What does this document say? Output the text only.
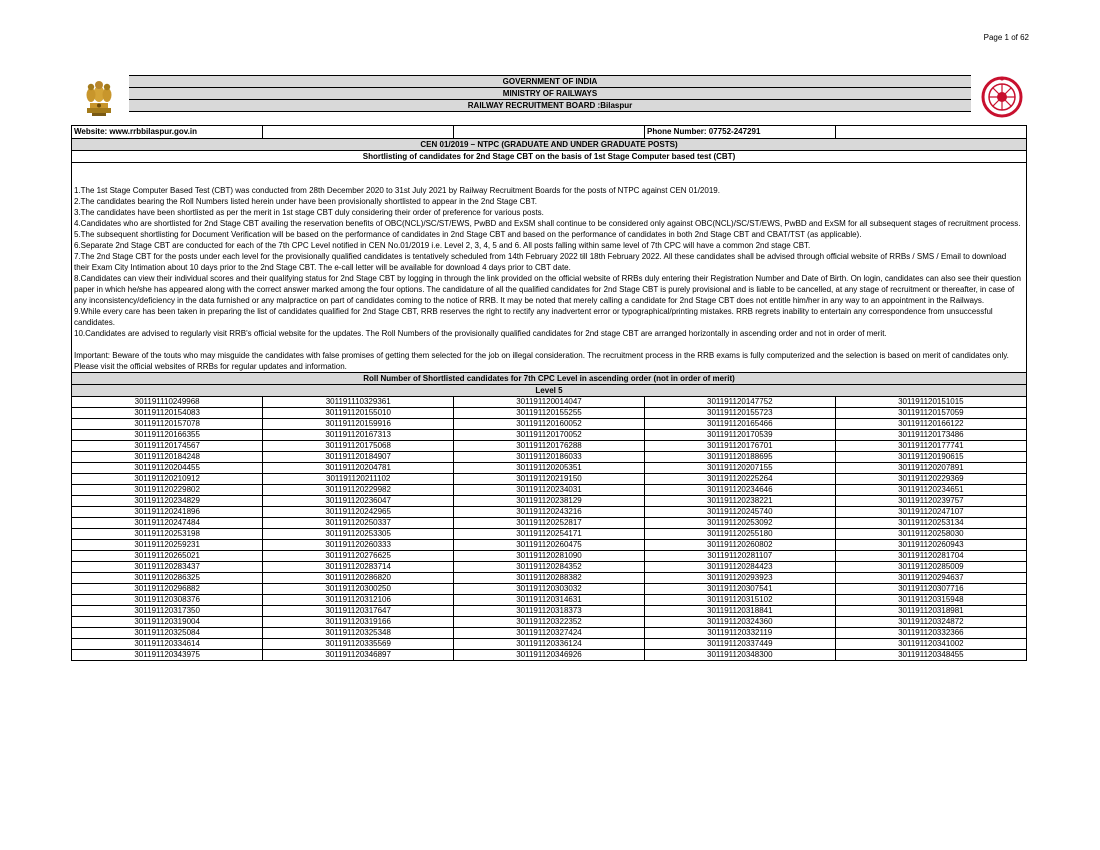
Page 1 of 62
GOVERNMENT OF INDIA
MINISTRY OF RAILWAYS
RAILWAY RECRUITMENT BOARD :Bilaspur
Website: www.rrbbilaspur.gov.in	Phone Number: 07752-247291
CEN 01/2019 – NTPC (GRADUATE AND UNDER GRADUATE POSTS)
Shortlisting of candidates for 2nd Stage CBT on the basis of 1st Stage Computer based test (CBT)

1.The 1st Stage Computer Based Test (CBT) was conducted from 28th December 2020 to 31st July 2021 by Railway Recruitment Boards for the posts of NTPC against CEN 01/2019.

2.The candidates bearing the Roll Numbers listed herein under have been provisionally shortlisted to appear in the 2nd Stage CBT.

3.The candidates have been shortlisted as per the merit in 1st stage CBT duly considering their order of preference for various posts.

4.Candidates who are shortlisted for 2nd Stage CBT availing the reservation benefits of OBC(NCL)/SC/ST/EWS, PwBD and ExSM shall continue to be considered only against OBC(NCL)/SC/ST/EWS, PwBD and ExSM for all subsequent stages of recruitment process.

5.The subsequent shortlisting for Document Verification will be based on the performance of candidates in 2nd Stage CBT and based on the performance of candidates in both 2nd Stage CBT and CBAT/TST (as applicable).

6.Separate 2nd Stage CBT are conducted for each of the 7th CPC Level notified in CEN No.01/2019 i.e. Level 2, 3, 4, 5 and 6. All posts falling within same level of 7th CPC will have a common 2nd stage CBT.

7.The 2nd Stage CBT for the posts under each level for the provisionally qualified candidates is tentatively scheduled from 14th February 2022 till 18th February 2022. All these candidates shall be advised through official website of RRBs / SMS / Email to download their Exam City Intimation about 10 days prior to the 2nd Stage CBT. The e-call letter will be available for download 4 days prior to CBT date.

8.Candidates can view their individual scores and their qualifying status for 2nd Stage CBT by logging in through the link provided on the official website of RRBs duly entering their Registration Number and Date of Birth. On login, candidates can also see their question paper in which he/she has appeared along with the correct answer marked among the four options. The candidature of all the qualified candidates for 2nd Stage CBT is purely provisional and is liable to be cancelled, at any stage of recruitment or thereafter, in case of any inconsistency/deficiency in the data furnished or any malpractice on part of candidates coming to the notice of RRB. It may be noted that merely calling a candidate for 2nd Stage CBT does not entitle him/her in any way to an appointment in the Railways.

9.While every care has been taken in preparing the list of candidates qualified for 2nd Stage CBT, RRB reserves the right to rectify any inadvertent error or typographical/printing mistakes. RRB regrets inability to entertain any correspondence from unsuccessful candidates.

10.Candidates are advised to regularly visit RRB's official website for the updates. The Roll Numbers of the provisionally qualified candidates for 2nd stage CBT are arranged horizontally in ascending order and not in order of merit.

Important: Beware of the touts who may misguide the candidates with false promises of getting them selected for the job on illegal consideration. The recruitment process in the RRB exams is fully computerized and the selection is based on merit of candidates only. Please visit the official websites of RRBs for regular updates and information.

Roll Number of Shortlisted candidates for 7th CPC Level in ascending order (not in order of merit)
Level 5
301191110249968	301191110329361	301191120014047	301191120147752	301191120151015
301191120154083	301191120155010	301191120155255	301191120155723	301191120157059
301191120157078	301191120159916	301191120160052	301191120165466	301191120166122
301191120166355	301191120167313	301191120170052	301191120170539	301191120173486
301191120174567	301191120175068	301191120176288	301191120176701	301191120177741
301191120184248	301191120184907	301191120186033	301191120188695	301191120190615
301191120204455	301191120204781	301191120205351	301191120207155	301191120207891
301191120210912	301191120211102	301191120219150	301191120225264	301191120229369
301191120229802	301191120229982	301191120234031	301191120234646	301191120234651
301191120234829	301191120236047	301191120238129	301191120238221	301191120239757
301191120241896	301191120242965	301191120243216	301191120245740	301191120247107
301191120247484	301191120250337	301191120252817	301191120253092	301191120253134
301191120253198	301191120253305	301191120254171	301191120255180	301191120258030
301191120259231	301191120260333	301191120260475	301191120260802	301191120260943
301191120265021	301191120276625	301191120281090	301191120281107	301191120281704
301191120283437	301191120283714	301191120284352	301191120284423	301191120285009
301191120286325	301191120286820	301191120288382	301191120293923	301191120294637
301191120296882	301191120300250	301191120303032	301191120307541	301191120307716
301191120308376	301191120312106	301191120314631	301191120315102	301191120315948
301191120317350	301191120317647	301191120318373	301191120318841	301191120318981
301191120319004	301191120319166	301191120322352	301191120324360	301191120324872
301191120325084	301191120325348	301191120327424	301191120332119	301191120332366
301191120334614	301191120335569	301191120336124	301191120337449	301191120341002
301191120343975	301191120346897	301191120346926	301191120348300	301191120348455
